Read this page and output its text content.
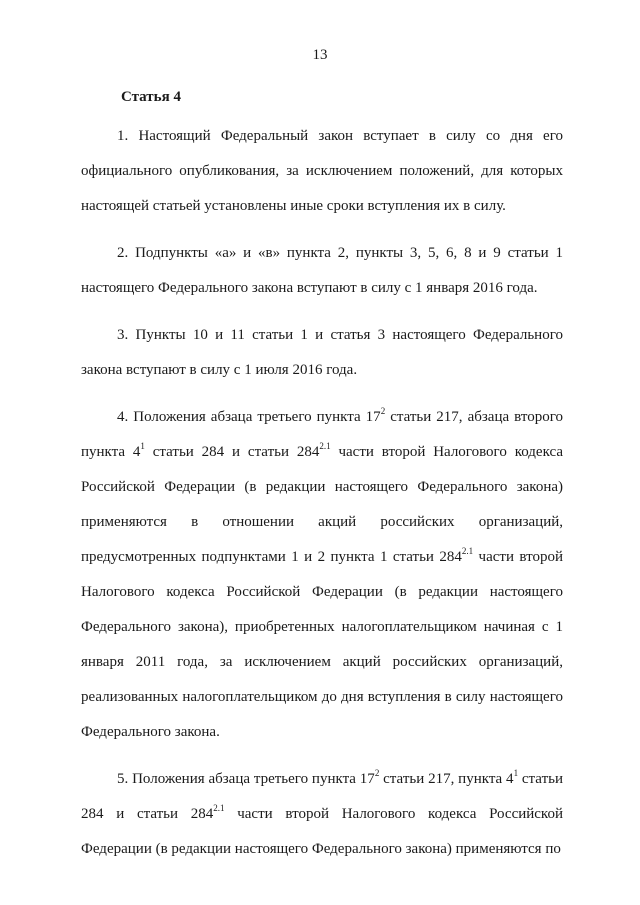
13
Статья 4

1. Настоящий Федеральный закон вступает в силу со дня его официального опубликования, за исключением положений, для которых настоящей статьей установлены иные сроки вступления их в силу.

2. Подпункты «а» и «в» пункта 2, пункты 3, 5, 6, 8 и 9 статьи 1 настоящего Федерального закона вступают в силу с 1 января 2016 года.

3. Пункты 10 и 11 статьи 1 и статья 3 настоящего Федерального закона вступают в силу с 1 июля 2016 года.

4. Положения абзаца третьего пункта $17^2$ статьи 217, абзаца второго пункта $4^1$ статьи 284 и статьи $284^{2.1}$ части второй Налогового кодекса Российской Федерации (в редакции настоящего Федерального закона) применяются в отношении акций российских организаций, предусмотренных подпунктами 1 и 2 пункта 1 статьи $284^{2.1}$ части второй Налогового кодекса Российской Федерации (в редакции настоящего Федерального закона), приобретенных налогоплательщиком начиная с 1 января 2011 года, за исключением акций российских организаций, реализованных налогоплательщиком до дня вступления в силу настоящего Федерального закона.

5. Положения абзаца третьего пункта $17^2$ статьи 217, пункта $4^1$ статьи 284 и статьи $284^{2.1}$ части второй Налогового кодекса Российской Федерации (в редакции настоящего Федерального закона) применяются по
